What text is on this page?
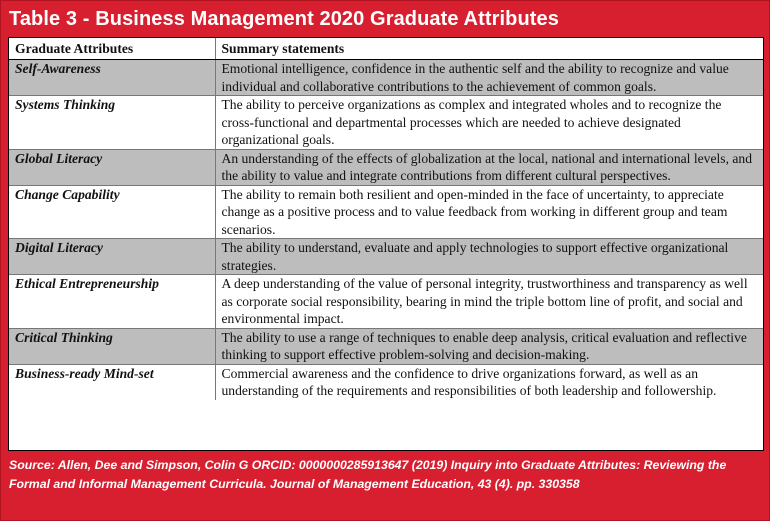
Table 3 - Business Management 2020 Graduate Attributes
Graduate Attributes	Summary statements
Self-Awareness	Emotional intelligence, confidence in the authentic self and the ability to recognize and value individual and collaborative contributions to the achievement of common goals.
Systems Thinking	The ability to perceive organizations as complex and integrated wholes and to recognize the cross-functional and departmental processes which are needed to achieve designated organizational goals.
Global Literacy	An understanding of the effects of globalization at the local, national and international levels, and the ability to value and integrate contributions from different cultural perspectives.
Change Capability	The ability to remain both resilient and open-minded in the face of uncertainty, to appreciate change as a positive process and to value feedback from working in different group and team scenarios.
Digital Literacy	The ability to understand, evaluate and apply technologies to support effective organizational strategies.
Ethical Entrepreneurship	A deep understanding of the value of personal integrity, trustworthiness and transparency as well as corporate social responsibility, bearing in mind the triple bottom line of profit, and social and environmental impact.
Critical Thinking	The ability to use a range of techniques to enable deep analysis, critical evaluation and reflective thinking to support effective problem-solving and decision-making.
Business-ready Mind-set	Commercial awareness and the confidence to drive organizations forward, as well as an understanding of the requirements and responsibilities of both leadership and followership.
Source: Allen, Dee and Simpson, Colin G ORCID: 0000000285913647 (2019) Inquiry into Graduate Attributes: Reviewing the Formal and Informal Management Curricula. Journal of Management Education, 43 (4). pp. 330358
